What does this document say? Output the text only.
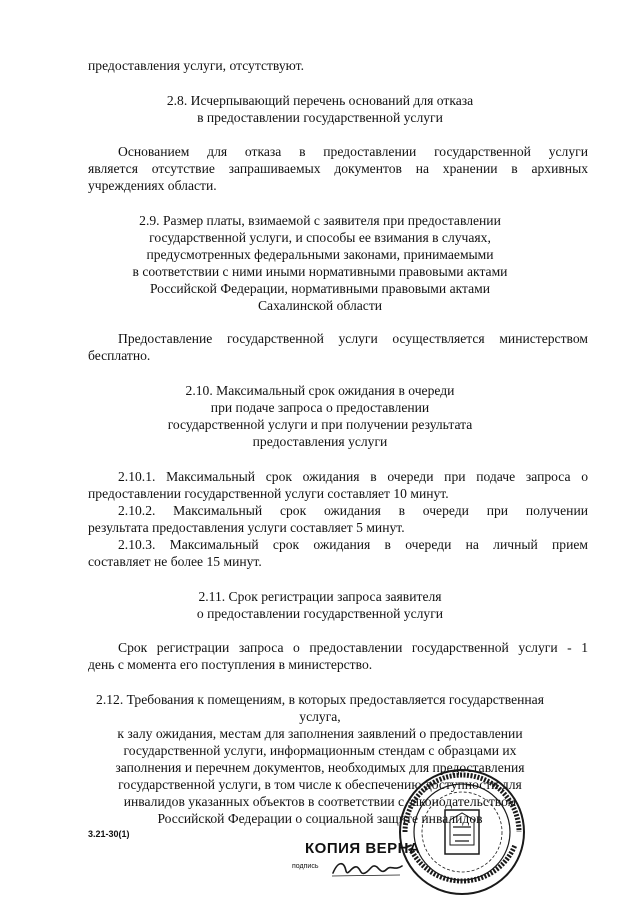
предоставления услуги, отсутствуют.
2.8. Исчерпывающий перечень оснований для отказа
в предоставлении государственной услуги
Основанием для отказа в предоставлении государственной услуги
является отсутствие запрашиваемых документов на хранении в архивных
учреждениях области.
2.9. Размер платы, взимаемой с заявителя при предоставлении
государственной услуги, и способы ее взимания в случаях,
предусмотренных федеральными законами, принимаемыми
в соответствии с ними иными нормативными правовыми актами
Российской Федерации, нормативными правовыми актами
Сахалинской области
Предоставление государственной услуги осуществляется министерством
бесплатно.
2.10. Максимальный срок ожидания в очереди
при подаче запроса о предоставлении
государственной услуги и при получении результата
предоставления услуги
2.10.1. Максимальный срок ожидания в очереди при подаче запроса о
предоставлении государственной услуги составляет 10 минут.
2.10.2. Максимальный срок ожидания в очереди при получении
результата предоставления услуги составляет 5 минут.
2.10.3. Максимальный срок ожидания в очереди на личный прием
составляет не более 15 минут.
2.11. Срок регистрации запроса заявителя
о предоставлении государственной услуги
Срок регистрации запроса о предоставлении государственной услуги - 1
день с момента его поступления в министерство.
2.12. Требования к помещениям, в которых предоставляется государственная
услуга,
к залу ожидания, местам для заполнения заявлений о предоставлении
государственной услуги, информационным стендам с образцами их
заполнения и перечнем документов, необходимых для предоставления
государственной услуги, в том числе к обеспечению доступности для
инвалидов указанных объектов в соответствии с законодательством
Российской Федерации о социальной защите инвалидов
3.21-30(1)
КОПИЯ ВЕРНА
подпись
